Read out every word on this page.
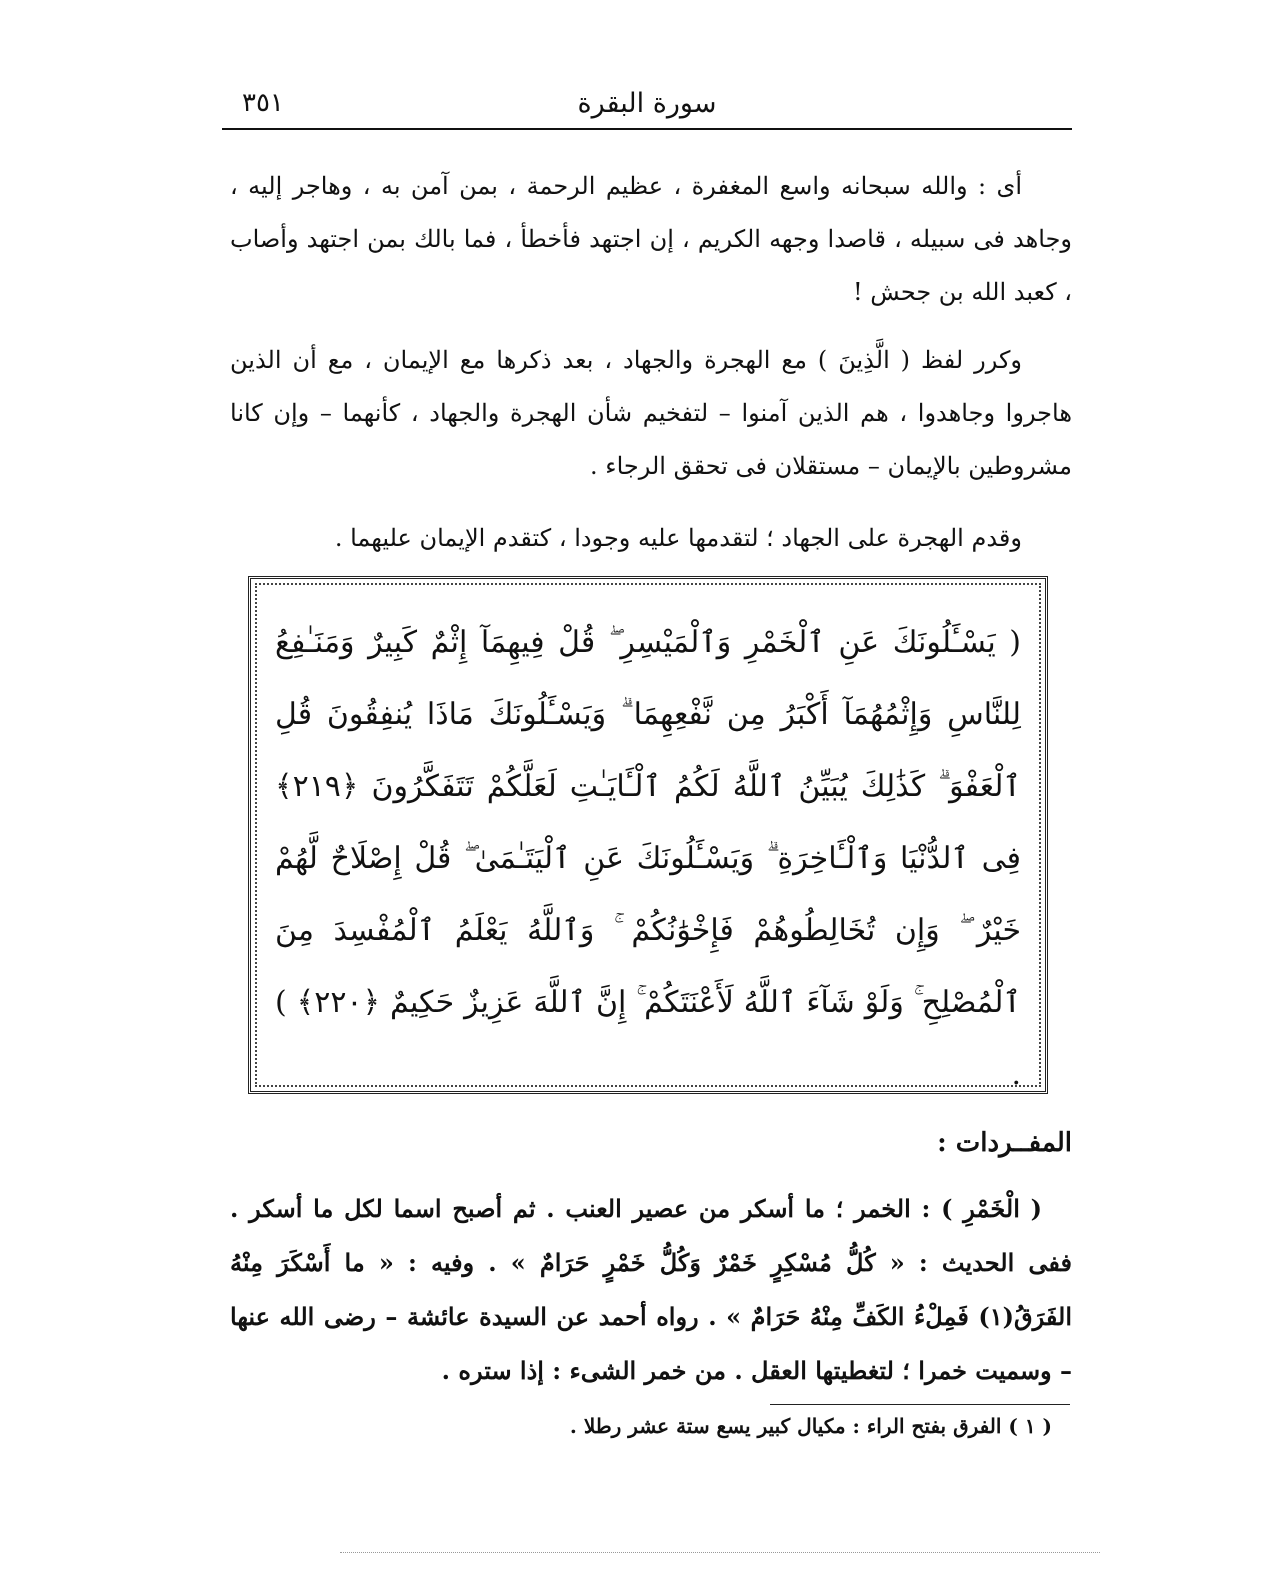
سورة البقرة
٣٥١

أى : والله سبحانه واسع المغفرة ، عظيم الرحمة ، بمن آمن به ، وهاجر إليه ، وجاهد فى سبيله ، قاصدا وجهه الكريم ، إن اجتهد فأخطأ ، فما بالك بمن اجتهد وأصاب ، كعبد الله بن جحش !

وكرر لفظ ( الَّذِينَ ) مع الهجرة والجهاد ، بعد ذكرها مع الإيمان ، مع أن الذين هاجروا وجاهدوا ، هم الذين آمنوا – لتفخيم شأن الهجرة والجهاد ، كأنهما – وإن كانا مشروطين بالإيمان – مستقلان فى تحقق الرجاء .

وقدم الهجرة على الجهاد ؛ لتقدمها عليه وجودا ، كتقدم الإيمان عليهما .

( يَسْـَٔلُونَكَ عَنِ ٱلْخَمْرِ وَٱلْمَيْسِرِ ۖ قُلْ فِيهِمَآ إِثْمٌ كَبِيرٌ وَمَنَـٰفِعُ لِلنَّاسِ وَإِثْمُهُمَآ أَكْبَرُ مِن نَّفْعِهِمَا ۗ وَيَسْـَٔلُونَكَ مَاذَا يُنفِقُونَ قُلِ ٱلْعَفْوَ ۗ كَذَٰلِكَ يُبَيِّنُ ٱللَّهُ لَكُمُ ٱلْـَٔايَـٰتِ لَعَلَّكُمْ تَتَفَكَّرُونَ ﴿٢١٩﴾ فِى ٱلدُّنْيَا وَٱلْـَٔاخِرَةِ ۗ وَيَسْـَٔلُونَكَ عَنِ ٱلْيَتَـٰمَىٰ ۖ قُلْ إِصْلَاحٌ لَّهُمْ خَيْرٌ ۖ وَإِن تُخَالِطُوهُمْ فَإِخْوَٰنُكُمْ ۚ وَٱللَّهُ يَعْلَمُ ٱلْمُفْسِدَ مِنَ ٱلْمُصْلِحِ ۚ وَلَوْ شَآءَ ٱللَّهُ لَأَعْنَتَكُمْ ۚ إِنَّ ٱللَّهَ عَزِيزٌ حَكِيمٌ ﴿٢٢٠﴾ ) .

المفــردات :

( الْخَمْرِ ) : الخمر ؛ ما أسكر من عصير العنب . ثم أصبح اسما لكل ما أسكر . ففى الحديث : « كُلُّ مُسْكِرٍ خَمْرٌ وَكُلُّ خَمْرٍ حَرَامٌ » . وفيه : « ما أَسْكَرَ مِنْهُ الفَرَقُ(١) فَمِلْءُ الكَفِّ مِنْهُ حَرَامٌ » . رواه أحمد عن السيدة عائشة – رضى الله عنها – وسميت خمرا ؛ لتغطيتها العقل . من خمر الشىء : إذا ستره .

( ١ ) الفرق بفتح الراء : مكيال كبير يسع ستة عشر رطلا .
